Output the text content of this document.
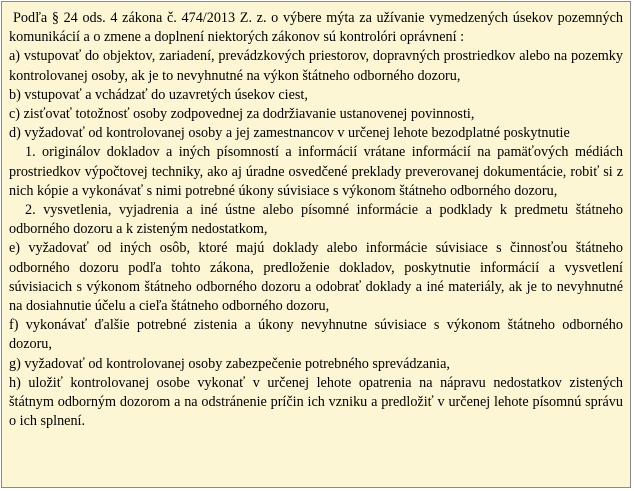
Podľa § 24 ods. 4 zákona č. 474/2013 Z. z. o výbere mýta za užívanie vymedzených úsekov pozemných komunikácií a o zmene a doplnení niektorých zákonov sú kontrolóri oprávnení :

a) vstupovať do objektov, zariadení, prevádzkových priestorov, dopravných prostriedkov alebo na pozemky kontrolovanej osoby, ak je to nevyhnutné na výkon štátneho odborného dozoru,

b) vstupovať a vchádzať do uzavretých úsekov ciest,

c) zisťovať totožnosť osoby zodpovednej za dodržiavanie ustanovenej povinnosti,

d) vyžadovať od kontrolovanej osoby a jej zamestnancov v určenej lehote bezodplatné poskytnutie

1. originálov dokladov a iných písomností a informácií vrátane informácií na pamäťových médiách prostriedkov výpočtovej techniky, ako aj úradne osvedčené preklady preverovanej dokumentácie, robiť si z nich kópie a vykonávať s nimi potrebné úkony súvisiace s výkonom štátneho odborného dozoru,

2. vysvetlenia, vyjadrenia a iné ústne alebo písomné informácie a podklady k predmetu štátneho odborného dozoru a k zisteným nedostatkom,

e) vyžadovať od iných osôb, ktoré majú doklady alebo informácie súvisiace s činnosťou štátneho odborného dozoru podľa tohto zákona, predloženie dokladov, poskytnutie informácií a vysvetlení súvisiacich s výkonom štátneho odborného dozoru a odobrať doklady a iné materiály, ak je to nevyhnutné na dosiahnutie účelu a cieľa štátneho odborného dozoru,

f) vykonávať ďalšie potrebné zistenia a úkony nevyhnutne súvisiace s výkonom štátneho odborného dozoru,

g) vyžadovať od kontrolovanej osoby zabezpečenie potrebného sprevádzania,

h) uložiť kontrolovanej osobe vykonať v určenej lehote opatrenia na nápravu nedostatkov zistených štátnym odborným dozorom a na odstránenie príčin ich vzniku a predložiť v určenej lehote písomnú správu o ich splnení.
